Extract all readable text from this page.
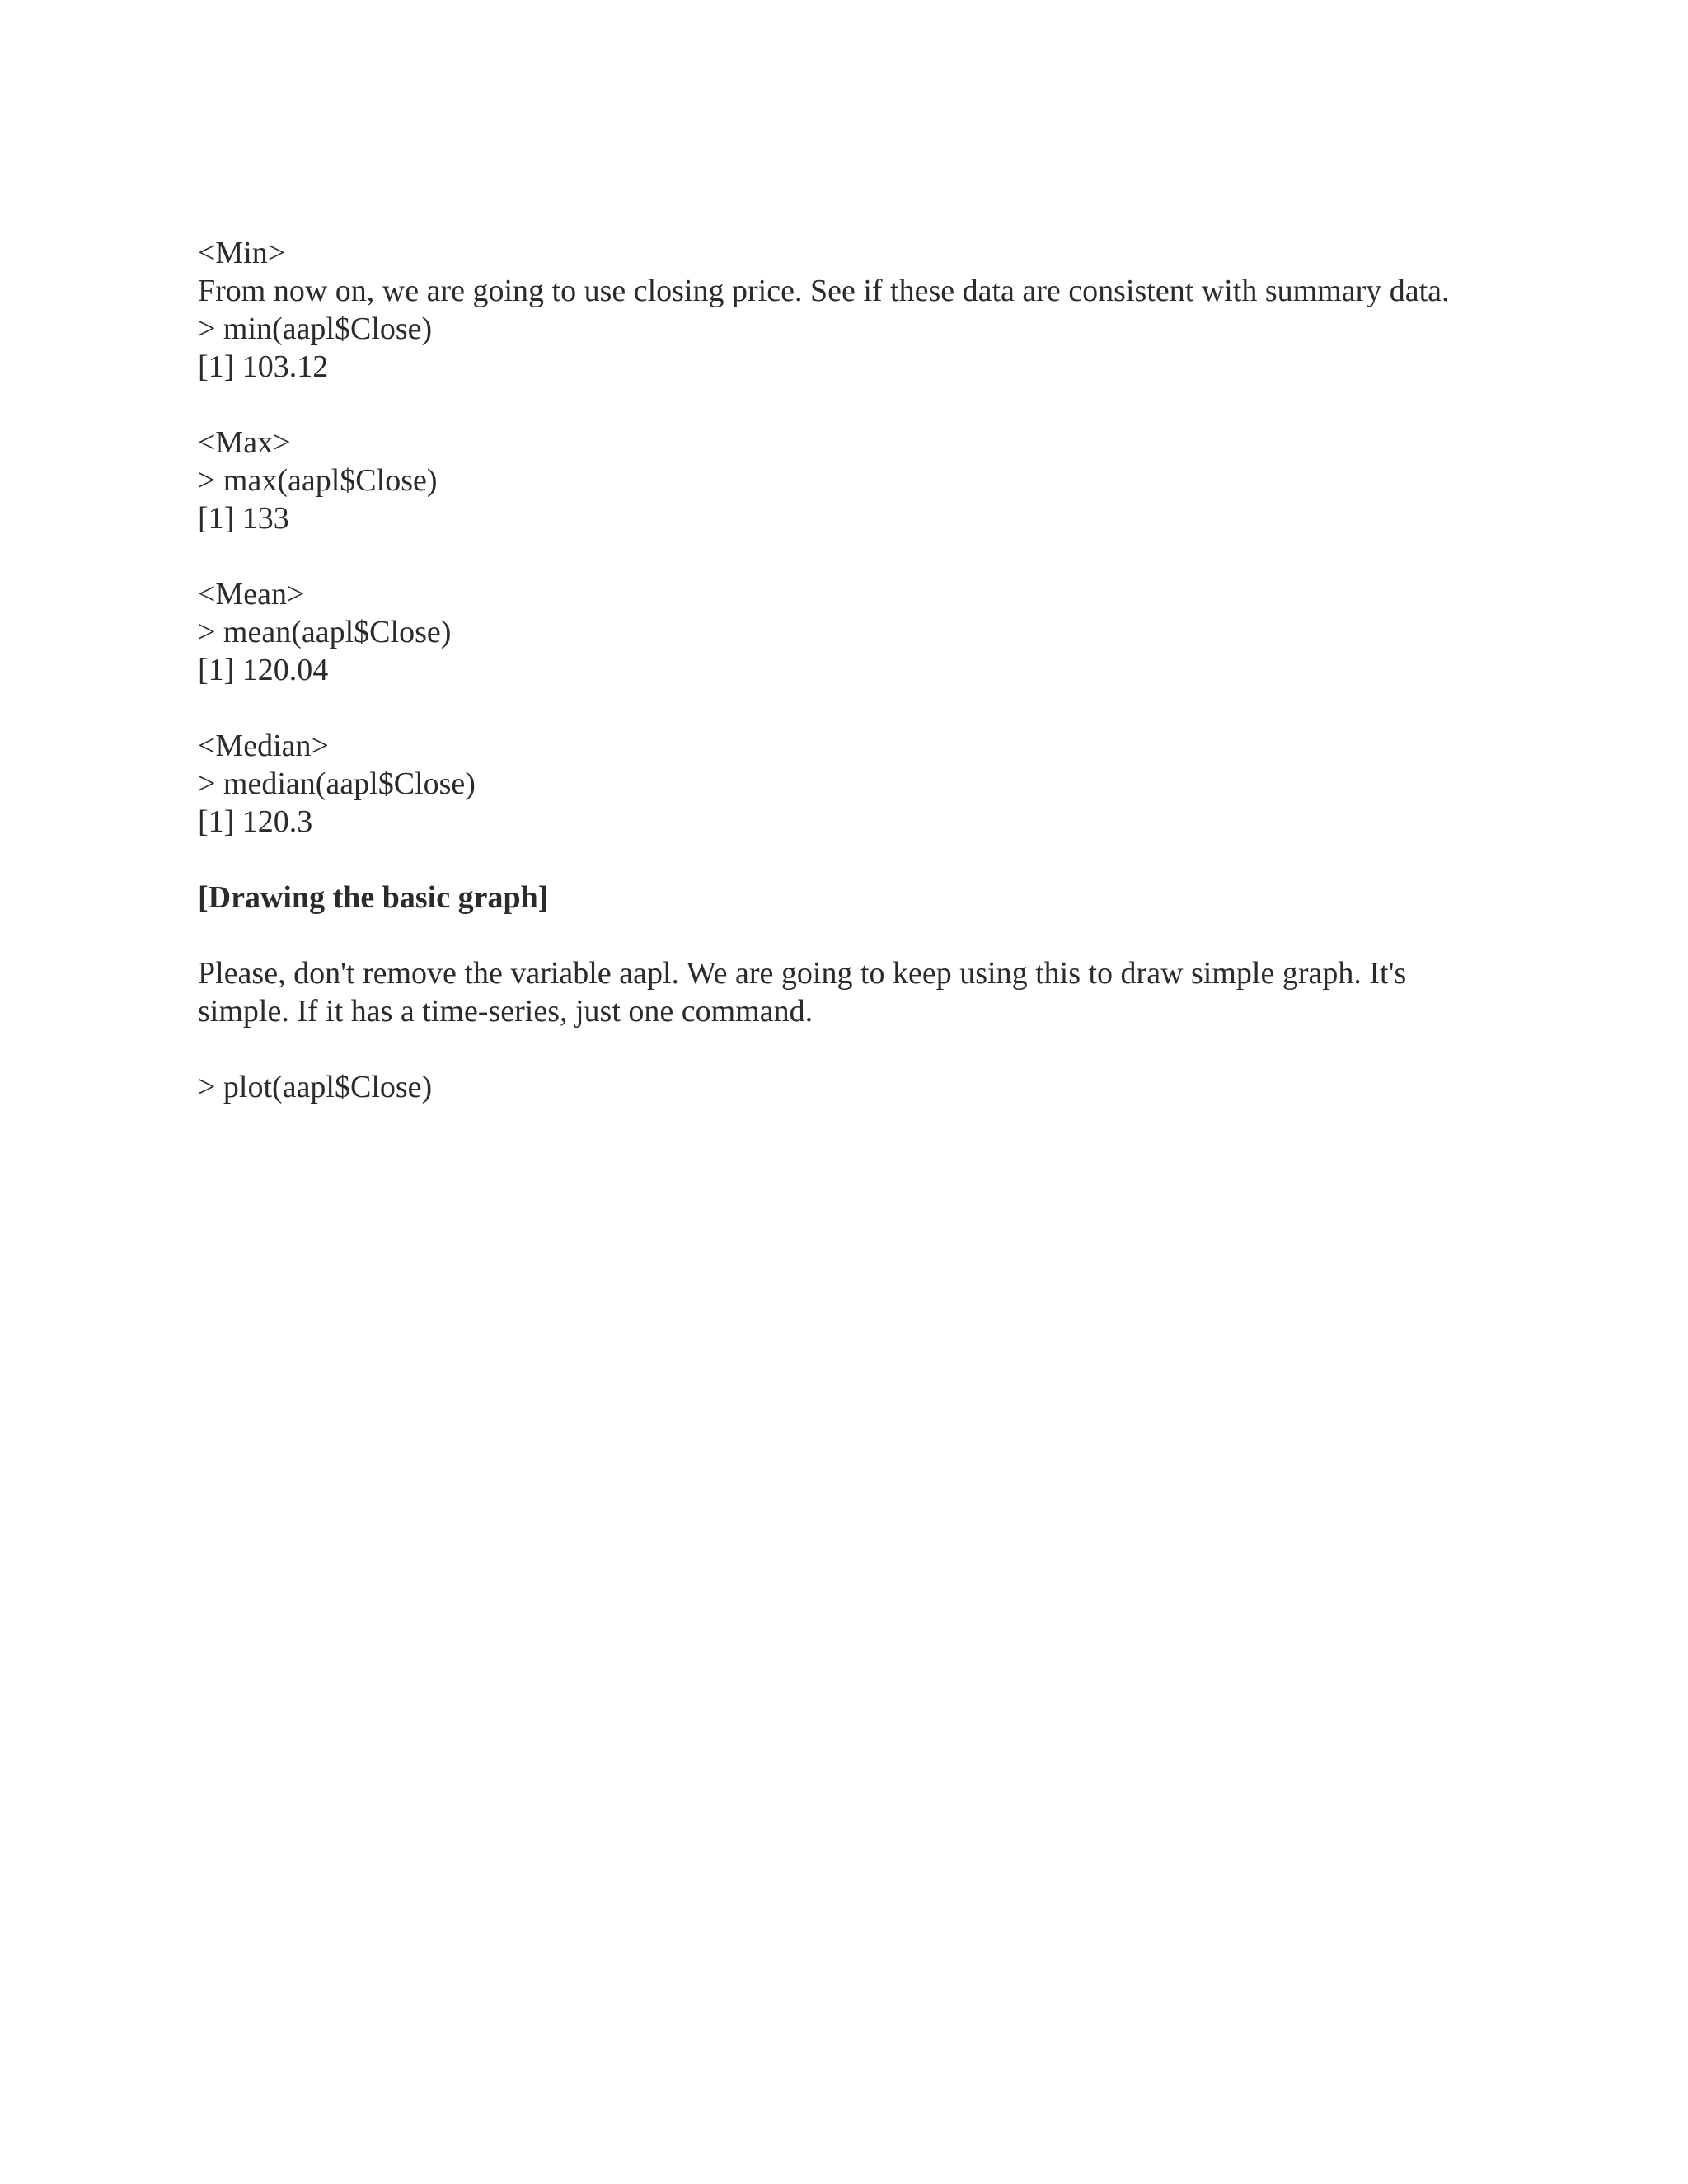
<Min>
From now on, we are going to use closing price. See if these data are consistent with summary data.
> min(aapl$Close)
[1] 103.12
<Max>
> max(aapl$Close)
[1] 133
<Mean>
> mean(aapl$Close)
[1] 120.04
<Median>
> median(aapl$Close)
[1] 120.3
[Drawing the basic graph]
Please, don't remove the variable aapl. We are going to keep using this to draw simple graph. It's simple. If it has a time-series, just one command.
> plot(aapl$Close)
